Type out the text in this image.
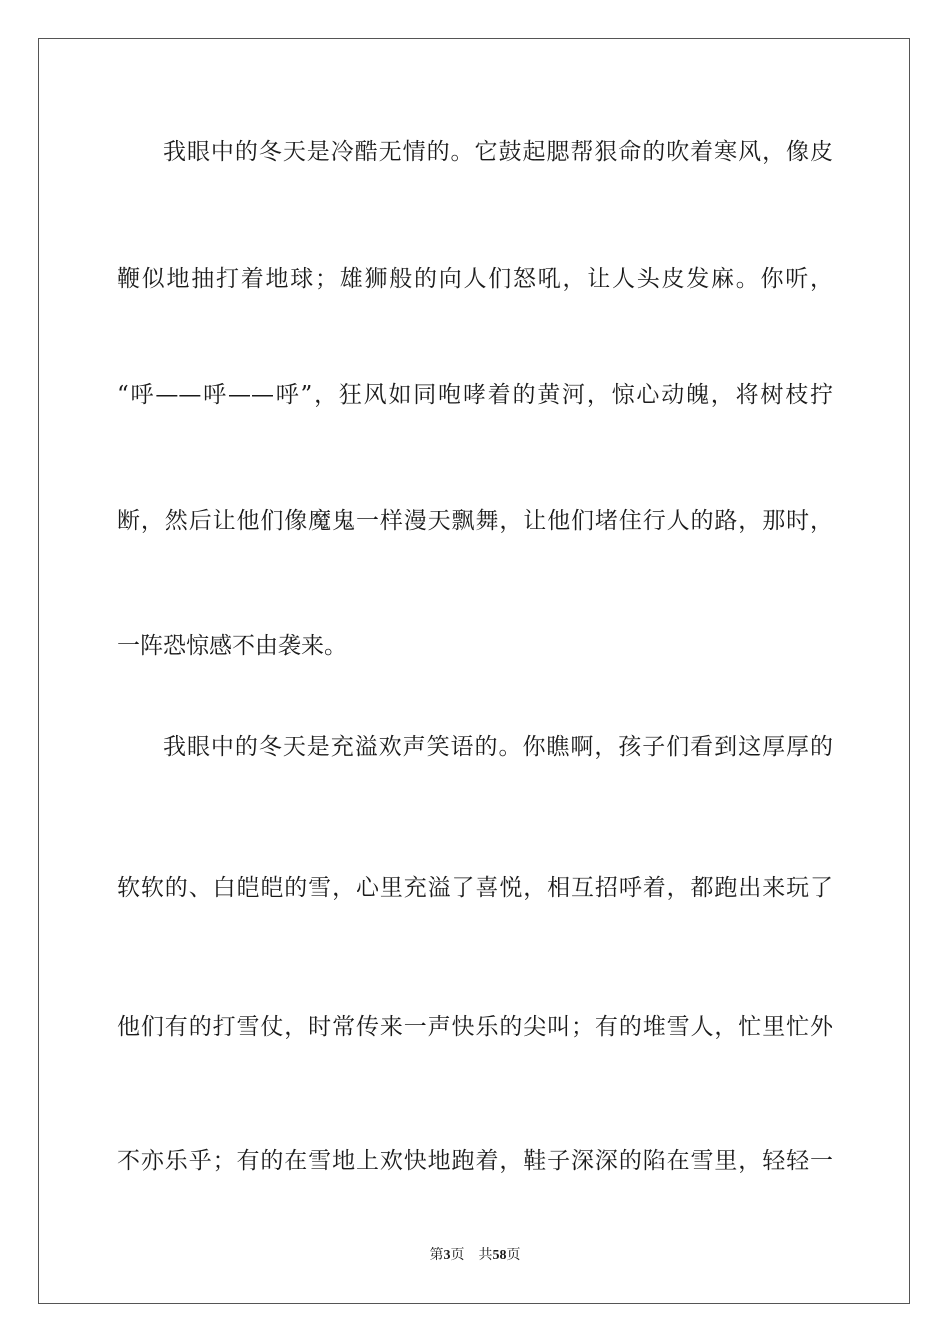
我眼中的冬天是冷酷无情的。它鼓起腮帮狠命的吹着寒风，像皮
鞭似地抽打着地球；雄狮般的向人们怒吼，让人头皮发麻。你听，
“呼——呼——呼”，狂风如同咆哮着的黄河，惊心动魄，将树枝拧
断，然后让他们像魔鬼一样漫天飘舞，让他们堵住行人的路，那时，
一阵恐惊感不由袭来。
我眼中的冬天是充溢欢声笑语的。你瞧啊，孩子们看到这厚厚的
软软的、白皑皑的雪，心里充溢了喜悦，相互招呼着，都跑出来玩了
他们有的打雪仗，时常传来一声快乐的尖叫；有的堆雪人，忙里忙外
不亦乐乎；有的在雪地上欢快地跑着，鞋子深深的陷在雪里，轻轻一
第3页 共58页
